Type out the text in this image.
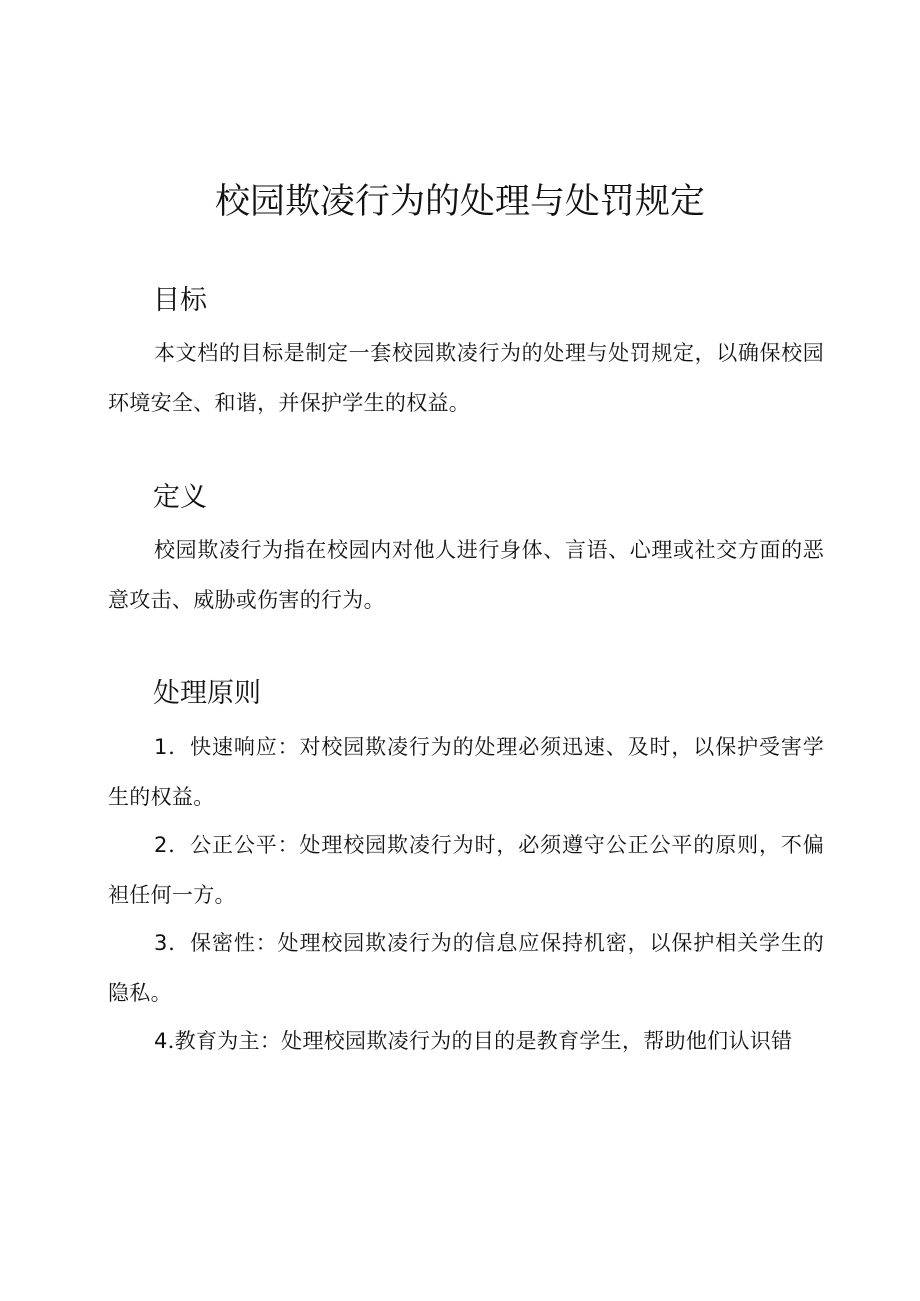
校园欺凌行为的处理与处罚规定
目标

本文档的目标是制定一套校园欺凌行为的处理与处罚规定，以确保校园环境安全、和谐，并保护学生的权益。

定义

校园欺凌行为指在校园内对他人进行身体、言语、心理或社交方面的恶意攻击、威胁或伤害的行为。

处理原则

1．快速响应：对校园欺凌行为的处理必须迅速、及时，以保护受害学生的权益。

2．公正公平：处理校园欺凌行为时，必须遵守公正公平的原则，不偏袒任何一方。

3．保密性：处理校园欺凌行为的信息应保持机密，以保护相关学生的隐私。

4.教育为主：处理校园欺凌行为的目的是教育学生，帮助他们认识错
